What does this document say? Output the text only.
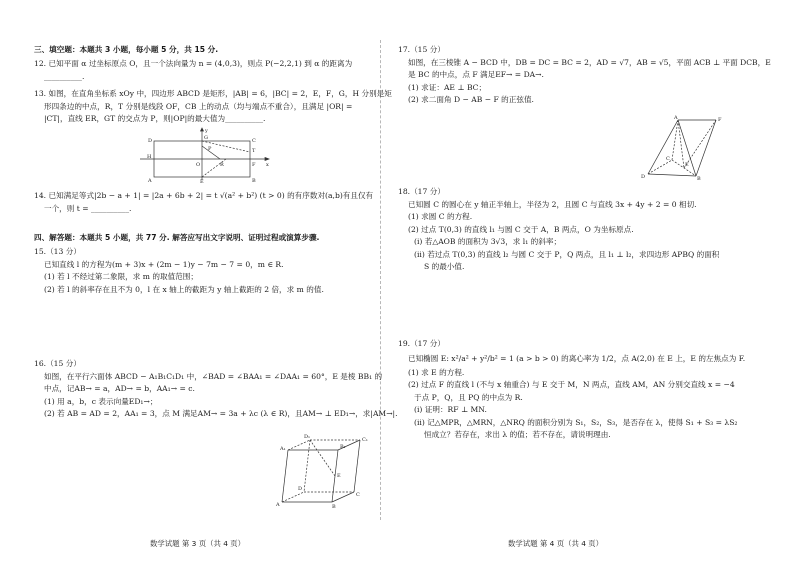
三、填空题：本题共 3 小题，每小题 5 分，共 15 分.
12. 已知平面 α 过坐标原点 O，且一个法向量为 n = (4,0,3)，则点 P(−2,2,1) 到 α 的距离为
__________.
13. 如图，在直角坐标系 xOy 中，四边形 ABCD 是矩形，|AB| = 6，|BC| = 2，E，F，G，H 分别是矩
形四条边的中点，R，T 分别是线段 OF，CB 上的动点（均与端点不重合），且满足 |OR| =
|CT|，直线 ER，GT 的交点为 P，则|OP|的最大值为__________.
D	G	C
H
O	R	F
A	E	B
P	T
x
y
14. 已知满足等式|2b − a + 1| = |2a + 6b + 2| = t √(a² + b²) (t > 0) 的有序数对(a,b)有且仅有
一个，则 t = __________.
四、解答题：本题共 5 小题，共 77 分. 解答应写出文字说明、证明过程或演算步骤.
15.（13 分）
已知直线 l 的方程为(m + 3)x + (2m − 1)y − 7m − 7 = 0，m ∈ R.
(1) 若 l 不经过第二象限，求 m 的取值范围；
(2) 若 l 的斜率存在且不为 0，l 在 x 轴上的截距为 y 轴上截距的 2 倍，求 m 的值.
16.（15 分）
如图，在平行六面体 ABCD − A₁B₁C₁D₁ 中，∠BAD = ∠BAA₁ = ∠DAA₁ = 60°，E 是棱 BB₁ 的
中点，记AB→ = a，AD→ = b，AA₁→ = c.
(1) 用 a，b，c 表示向量ED₁→；
(2) 若 AB = AD = 2，AA₁ = 3，点 M 满足AM→ = 3a + λc (λ ∈ R)，且AM→ ⊥ ED₁→，求|AM→|.
A₁	B₁
C₁
D₁
A	B
C
D
E
数学试题 第 3 页（共 4 页）
17.（15 分）
如图，在三棱锥 A − BCD 中，DB = DC = BC = 2，AD = √7，AB = √5，平面 ACB ⊥ 平面 DCB，E
是 BC 的中点，点 F 满足EF→ = DA→.
(1) 求证：AE ⊥ BC；
(2) 求二面角 D − AB − F 的正弦值.
A	F
C
E
D	B
18.（17 分）
已知圆 C 的圆心在 y 轴正半轴上，半径为 2，且圆 C 与直线 3x + 4y + 2 = 0 相切.
(1) 求圆 C 的方程.
(2) 过点 T(0,3) 的直线 l₁ 与圆 C 交于 A，B 两点，O 为坐标原点.
(ⅰ) 若△AOB 的面积为 3√3，求 l₁ 的斜率；
(ⅱ) 若过点 T(0,3) 的直线 l₂ 与圆 C 交于 P，Q 两点，且 l₁ ⊥ l₂，求四边形 APBQ 的面积
S 的最小值.
19.（17 分）
已知椭圆 E: x²/a² + y²/b² = 1 (a > b > 0) 的离心率为 1/2，点 A(2,0) 在 E 上，E 的左焦点为 F.
(1) 求 E 的方程.
(2) 过点 F 的直线 l (不与 x 轴重合) 与 E 交于 M，N 两点，直线 AM，AN 分别交直线 x = −4
于点 P，Q，且 PQ 的中点为 R.
(ⅰ) 证明：RF ⊥ MN.
(ⅱ) 记△MPR，△MRN，△NRQ 的面积分别为 S₁，S₂，S₃，是否存在 λ，使得 S₁ + S₃ = λS₂
恒成立？若存在，求出 λ 的值；若不存在，请说明理由.
数学试题 第 4 页（共 4 页）
